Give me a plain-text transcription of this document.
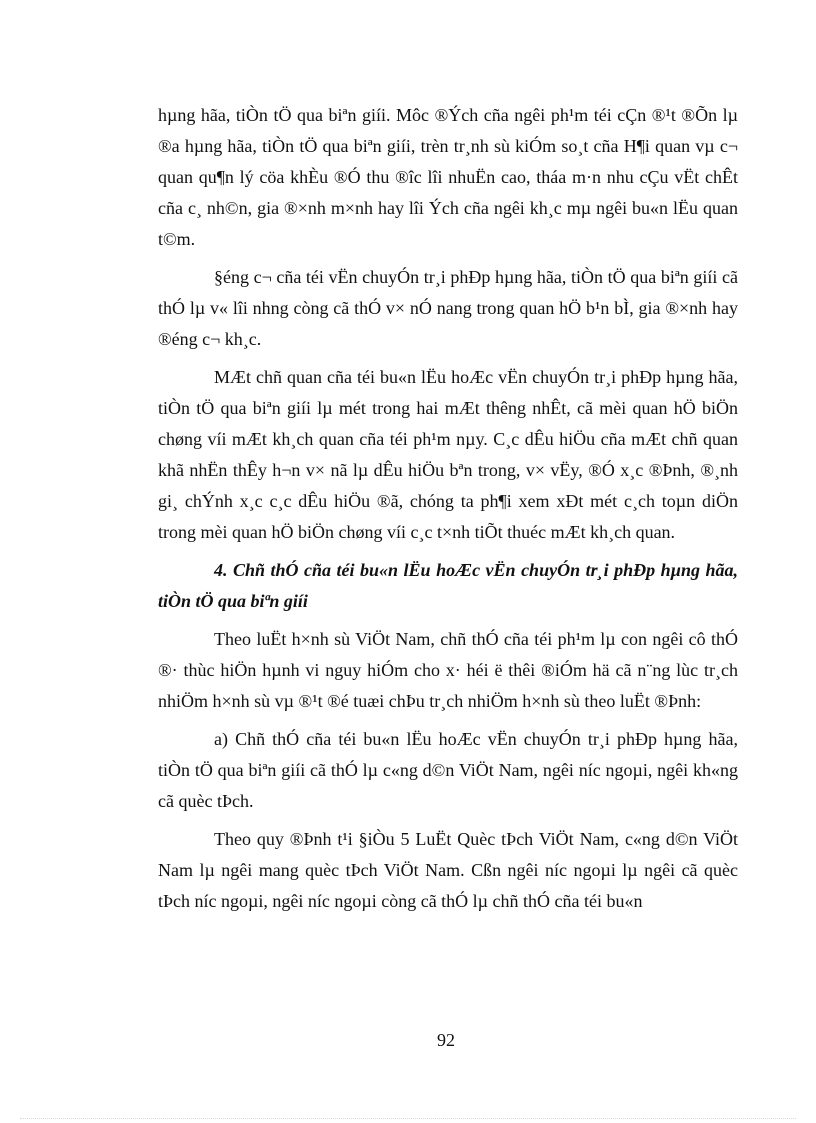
hµng hãa, tiÒn tÖ qua biªn giíi. Môc ®Ých cña ngêi ph¹m téi cÇn ®¹t ®Õn lµ ®a hµng hãa, tiÒn tÖ qua biªn giíi, trèn tr¸nh sù kiÓm so¸t cña H¶i quan vµ c¬ quan qu¶n lý cöa khÈu ®Ó thu ®îc lîi nhuËn cao, tháa m·n nhu cÇu vËt chÊt cña c¸ nh©n, gia ®×nh m×nh hay lîi Ých cña ngêi kh¸c mµ ngêi bu«n lËu quan t©m.

§éng c¬ cña téi vËn chuyÓn tr¸i phÐp hµng hãa, tiÒn tÖ qua biªn giíi cã thÓ lµ v« lîi nhng còng cã thÓ v× nÓ nang trong quan hÖ b¹n bÌ, gia ®×nh hay ®éng c¬ kh¸c.

MÆt chñ quan cña téi bu«n lËu hoÆc vËn chuyÓn tr¸i phÐp hµng hãa, tiÒn tÖ qua biªn giíi lµ mét trong hai mÆt thêng nhÊt, cã mèi quan hÖ biÖn chøng víi mÆt kh¸ch quan cña téi ph¹m nµy. C¸c dÊu hiÖu cña mÆt chñ quan khã nhËn thÊy h¬n v× nã lµ dÊu hiÖu bªn trong, v× vËy, ®Ó x¸c ®Þnh, ®¸nh gi¸ chÝnh x¸c c¸c dÊu hiÖu ®ã, chóng ta ph¶i xem xÐt mét c¸ch toµn diÖn trong mèi quan hÖ biÖn chøng víi c¸c t×nh tiÕt thuéc mÆt kh¸ch quan.

4. Chñ thÓ cña téi bu«n lËu hoÆc vËn chuyÓn tr¸i phÐp hµng hãa, tiÒn tÖ qua biªn giíi

Theo luËt h×nh sù ViÖt Nam, chñ thÓ cña téi ph¹m lµ con ngêi cô thÓ ®· thùc hiÖn hµnh vi nguy hiÓm cho x· héi ë thêi ®iÓm hä cã n¨ng lùc tr¸ch nhiÖm h×nh sù vµ ®¹t ®é tuæi chÞu tr¸ch nhiÖm h×nh sù theo luËt ®Þnh:

a) Chñ thÓ cña téi bu«n lËu hoÆc vËn chuyÓn tr¸i phÐp hµng hãa, tiÒn tÖ qua biªn giíi cã thÓ lµ c«ng d©n ViÖt Nam, ngêi níc ngoµi, ngêi kh«ng cã quèc tÞch.

Theo quy ®Þnh t¹i §iÒu 5 LuËt Quèc tÞch ViÖt Nam, c«ng d©n ViÖt Nam lµ ngêi mang quèc tÞch ViÖt Nam. Cßn ngêi níc ngoµi lµ ngêi cã quèc tÞch níc ngoµi, ngêi níc ngoµi còng cã thÓ lµ chñ thÓ cña téi bu«n

92
